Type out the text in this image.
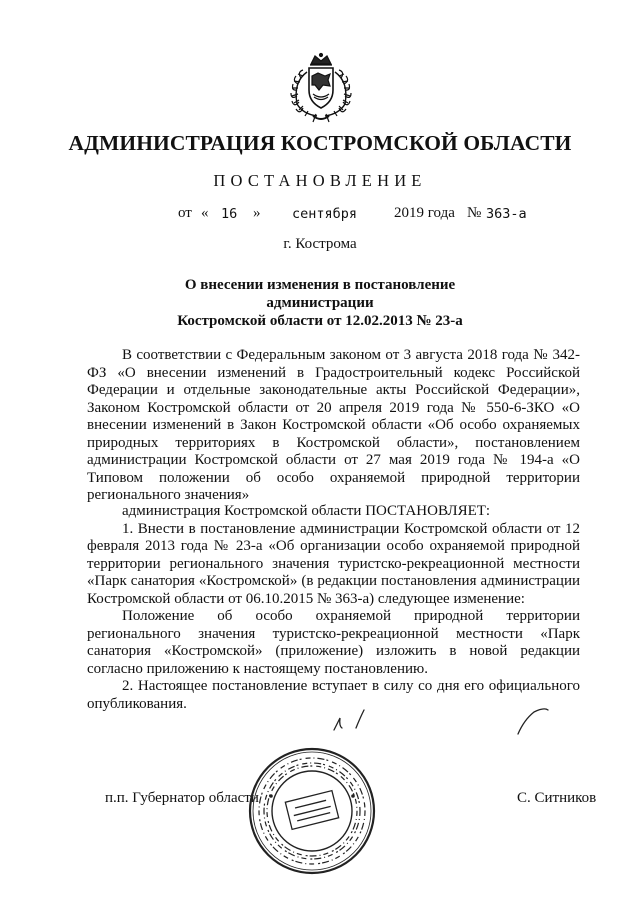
АДМИНИСТРАЦИЯ КОСТРОМСКОЙ ОБЛАСТИ
ПОСТАНОВЛЕНИЕ
от « 16 » сентября 2019 года № 363-а
г. Кострома
О внесении изменения в постановление администрации
Костромской области от 12.02.2013 № 23-а

В соответствии с Федеральным законом от 3 августа 2018 года № 342-ФЗ «О внесении изменений в Градостроительный кодекс Российской Федерации и отдельные законодательные акты Российской Федерации», Законом Костромской области от 20 апреля 2019 года № 550-6-ЗКО «О внесении изменений в Закон Костромской области «Об особо охраняемых природных территориях в Костромской области», постановлением администрации Костромской области от 27 мая 2019 года № 194-а «О Типовом положении об особо охраняемой природной территории регионального значения»

администрация Костромской области ПОСТАНОВЛЯЕТ:

1. Внести в постановление администрации Костромской области от 12 февраля 2013 года № 23-а «Об организации особо охраняемой природной территории регионального значения туристско-рекреационной местности «Парк санатория «Костромской» (в редакции постановления администрации Костромской области от 06.10.2015 № 363-а) следующее изменение:

Положение об особо охраняемой природной территории регионального значения туристско-рекреационной местности «Парк санатория «Костромской» (приложение) изложить в новой редакции согласно приложению к настоящему постановлению.

2. Настоящее постановление вступает в силу со дня его официального опубликования.

п.п. Губернатор области	С. Ситников
